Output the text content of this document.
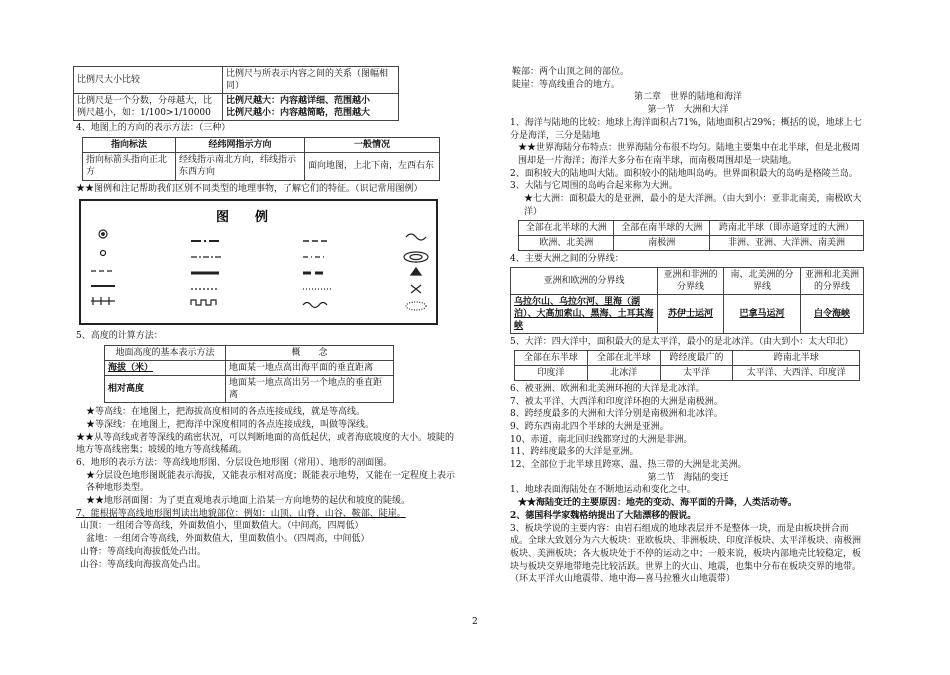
比例尺大小比较	比例尺与所表示内容之间的关系（图幅相同）
比例尺是一个分数，分母越大，比例尺越小，如：1/100>1/10000	比例尺越大：内容越详细、范围越小
比例尺越小：内容越简略，范围越大

4、地图上的方向的表示方法：（三种）

指向标法	经纬网指示方向	一般情况
指向标箭头指向正北方	经线指示南北方向，纬线指示东西方向	面向地图，上北下南，左西右东

★★图例和注记帮助我们区别不同类型的地理事物，了解它们的特征。（识记常用图例）

图　　例

5、高度的计算方法：

地面高度的基本表示方法	概　　念
海拔（米）	地面某一地点高出海平面的垂直距离
相对高度	地面某一地点高出另一个地点的垂直距离

★等高线：在地图上，把海拔高度相同的各点连接成线，就是等高线。

★等深线：在地图上，把海洋中深度相同的各点连接成线，叫做等深线。

★★从等高线或者等深线的疏密状况，可以判断地面的高低起伏，或者海底坡度的大小。坡陡的地方等高线密集；坡缓的地方等高线稀疏。

6、地形的表示方法：等高线地形图、分层设色地形图（常用）、地形的剖面图。

★分层设色地形图既能表示海拔，又能表示相对高度；既能表示地势，又能在一定程度上表示各种地形类型。

★★地形剖面图：为了更直观地表示地面上沿某一方向地势的起伏和坡度的陡缓。

7、能根据等高线地形图判读出地貌部位：例如：山顶、山脊、山谷、鞍部、陡崖。

山顶：一组闭合等高线，外面数值小，里面数值大。（中间高，四周低）

盆地：一组闭合等高线，外面数值大，里面数值小。（四周高，中间低）

山脊：等高线向海拔低处凸出。

山谷：等高线向海拔高处凸出。

鞍部：两个山顶之间的部位。

陡崖：等高线重合的地方。

第二章　世界的陆地和海洋

第一节　大洲和大洋

1、海洋与陆地的比较：地球上海洋面积占71%，陆地面积占29%；概括的说，地球上七分是海洋，三分是陆地

★★世界海陆分布特点：世界海陆分布很不均匀。陆地主要集中在北半球，但是北极周围却是一片海洋；海洋大多分布在南半球，而南极周围却是一块陆地。

2、面积较大的陆地叫大陆。面积较小的陆地叫岛屿。世界面积最大的岛屿是格陵兰岛。

3、大陆与它周围的岛屿合起来称为大洲。

★七大洲：面积最大的是亚洲，最小的是大洋洲。（由大到小：亚非北南美，南极欧大洋）

全部在北半球的大洲	全部在南半球的大洲	跨南北半球（即赤道穿过的大洲）
欧洲、北美洲	南极洲	非洲、亚洲、大洋洲、南美洲

4、主要大洲之间的分界线：

亚洲和欧洲的分界线	亚洲和非洲的分界线	南、北美洲的分界线	亚洲和北美洲的分界线
乌拉尔山、乌拉尔河、里海（湖泊）、大高加索山、黑海、土耳其海峡	苏伊士运河	巴拿马运河	白令海峡

5、大洋：四大洋中，面积最大的是太平洋，最小的是北冰洋。（由大到小：太大印北）

全部在东半球	全部在北半球	跨经度最广的	跨南北半球
印度洋	北冰洋	太平洋	太平洋、大西洋、印度洋

6、被亚洲、欧洲和北美洲环抱的大洋是北冰洋。

7、被太平洋、大西洋和印度洋环抱的大洲是南极洲。

8、跨经度最多的大洲和大洋分别是南极洲和北冰洋。

9、跨东西南北四个半球的大洲是亚洲。

10、赤道、南北回归线都穿过的大洲是非洲。

11、跨纬度最多的大洋是亚洲。

12、全部位于北半球且跨寒、温、热三带的大洲是北美洲。

第二节　海陆的变迁

1、地球表面海陆处在不断地运动和变化之中。

★★海陆变迁的主要原因：地壳的变动、海平面的升降，人类活动等。

2、德国科学家魏格纳提出了大陆漂移的假说。

3、板块学说的主要内容：由岩石组成的地球表层并不是整体一块，而是由板块拼合而成。全球大致划分为六大板块：亚欧板块、非洲板块、印度洋板块、太平洋板块、南极洲板块、美洲板块；各大板块处于不停的运动之中；一般来说，板块内部地壳比较稳定，板块与板块交界地带地壳比较活跃。世界上的火山、地震，也集中分布在板块交界的地带。（环太平洋火山地震带、地中海—喜马拉雅火山地震带）

2
